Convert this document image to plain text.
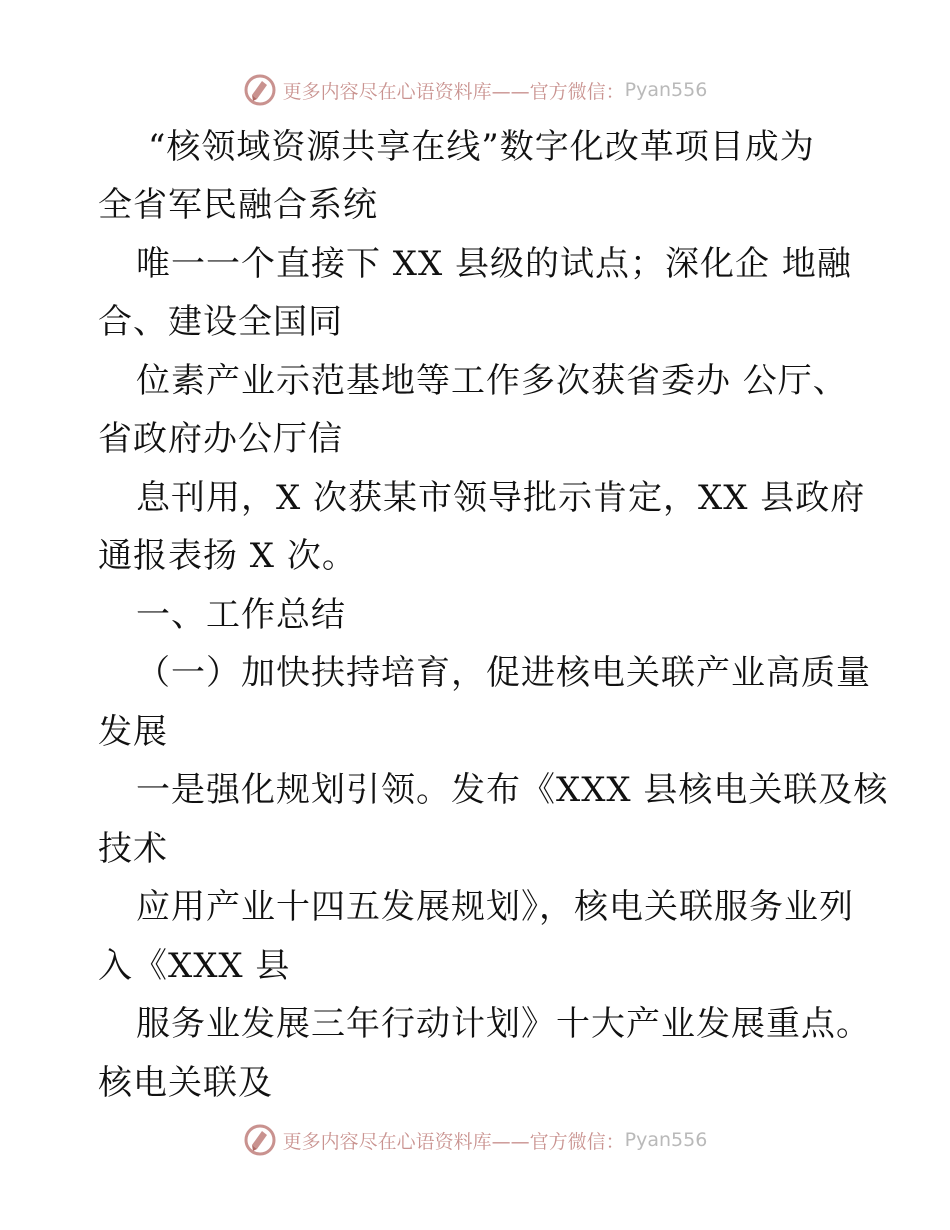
更多内容尽在心语资料库——官方微信： Pyan556
“核领域资源共享在线”数字化改革项目成为
全省军民融合系统
唯一一个直接下 XX 县级的试点；深化企 地融
合、建设全国同
位素产业示范基地等工作多次获省委办 公厅、
省政府办公厅信
息刊用，X 次获某市领导批示肯定，XX 县政府
通报表扬 X 次。
一、工作总结
（一）加快扶持培育，促进核电关联产业高质量
发展
一是强化规划引领。发布《XXX 县核电关联及核
技术
应用产业十四五发展规划》，核电关联服务业列
入《XXX 县
服务业发展三年行动计划》十大产业发展重点。
核电关联及
更多内容尽在心语资料库——官方微信： Pyan556
